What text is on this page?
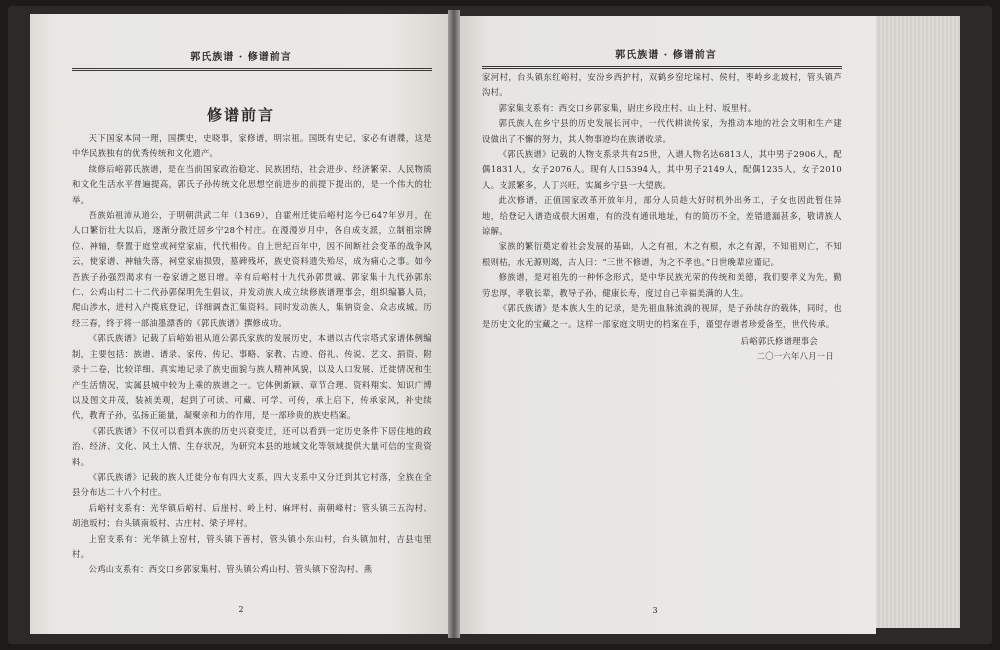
郭氏族谱 · 修谱前言
修谱前言

天下国家本同一理，国撰史，史晓事，家修谱，明宗祖。国既有史记，家必有谱牒，这是中华民族独有的优秀传统和文化遗产。

续修后峪郭氏族谱，是在当前国家政治稳定、民族团结，社会进步、经济繁荣、人民物质和文化生活水平普遍提高，郭氏子孙传统文化思想空前进步的前提下提出的，是一个伟大的壮举。

吾族始祖沛从道公，于明朝洪武二年（1369），自霍州迁徙后峪村迄今已647年岁月，在人口繁衍壮大以后，逐渐分散迁居乡宁28个村庄。在漫漫岁月中，各自成支派，立制祖宗牌位、神轴，祭置于庭堂或祠堂家庙，代代相传。自上世纪百年中，因不间断社会变革的战争风云，使家谱、神轴失落，祠堂家庙损毁，墓碑残坏，族史资料遗失殆尽，成为痛心之事。如今吾族子孙强烈渴求有一卷家谱之愿日增。幸有后峪村十九代孙郭贯诚、郭家集十九代孙郭东仁、公鸡山村二十二代孙郭保明先生倡议，并发动族人成立续修族谱理事会，组织编纂人员，爬山涉水，进村入户揽底登记，详细调查汇集资料。同时发动族人，集钠资金、众志成城。历经三春，终于将一部油墨漂香的《郭氏族谱》撰修成功。

《郭氏族谱》记载了后峪始祖从道公郭氏家族的发展历史，本谱以古代宗塔式家谱体例编制，主要包括：族谱、谱录、家传、传记、事略、家教、古迹、俗礼、传说、艺文、捐资、附录十二卷，比较详细、真实地记录了族史面貌与族人精神风貌，以及人口发展、迁徙情况和生产生活情况，实属县城中较为上乘的族谱之一。它体例新颖、章节合理、资料翔实、知识广博以及图文并茂，装祯美观，起到了可读、可藏、可学、可传，承上启下，传承家风，补史续代，教育子孙，弘扬正能量，凝聚亲和力的作用，是一部珍贵的族史档案。

《郭氏族谱》不仅可以看到本族的历史兴衰变迁，还可以看到一定历史条件下居住地的政治、经济、文化、风土人情、生存状况，为研究本县的地域文化等领域提供大量可信的宝贵资料。

《郭氏族谱》记载的族人迁徙分布有四大支系，四大支系中又分迁到其它村落，全族在全县分布达二十八个村庄。

后峪村支系有：光华镇后峪村、后崖村、岭上村、麻坪村、南朝峰村；管头镇三五沟村、胡池坂村；台头镇南坂村、古庄村、梁子坪村。

上窑支系有：光华镇上窑村，管头镇下善村，管头镇小东山村，台头镇加村，吉县屯里村。

公鸡山支系有：西交口乡郭家集村、管头镇公鸡山村、管头镇下窑沟村、燕

2
郭氏族谱 · 修谱前言

家河村，台头镇东红峪村，安汾乡西护村，双鹤乡窑坨垛村、侯村，枣岭乡北坡村，管头镇芦沟村。

郭家集支系有：西交口乡郭家集，尉庄乡段庄村、山上村、坂里村。

郭氏族人在乡宁县的历史发展长河中，一代代耕读传家，为推动本地的社会文明和生产建设做出了不懈的努力，其人物事迹均在族谱收录。

《郭氏族谱》记载的人物支系录共有25世，入谱人物名达6813人，其中男子2906人，配偶1831人，女子2076人。现有人口5394人，其中男子2149人，配偶1235人，女子2010人。支派繁多，人丁兴旺，实属乡宁县一大望族。

此次修谱，正值国家改革开放年月，部分人员趁大好时机外出务工，子女也因此暂住异地，给登记入谱造成很大困难，有的没有通讯地址，有的简历不全，差错遗漏甚多，敬请族人谅解。

家族的繁衍奠定着社会发展的基础，人之有祖，木之有根，水之有源，不知祖则亡，不知根则枯，水无源则竭，古人曰：“三世不修谱，为之不孝也。”日世晚辈应谨记。

修族谱，是对祖先的一种怀念形式，是中华民族光荣的传统和美德，我们要孝义为先，勤劳忠厚，孝敬长辈，教导子孙，健康长寿，度过自己幸福美满的人生。

《郭氏族谱》是本族人生的记录，是先祖血脉流淌的视屏，是子孙续存的载体，同时，也是历史文化的宝藏之一。这样一部家庭文明史的档案在手，谨望存谱者珍爱备至，世代传承。

后峪郭氏修谱理事会
二〇一六年八月一日
3
